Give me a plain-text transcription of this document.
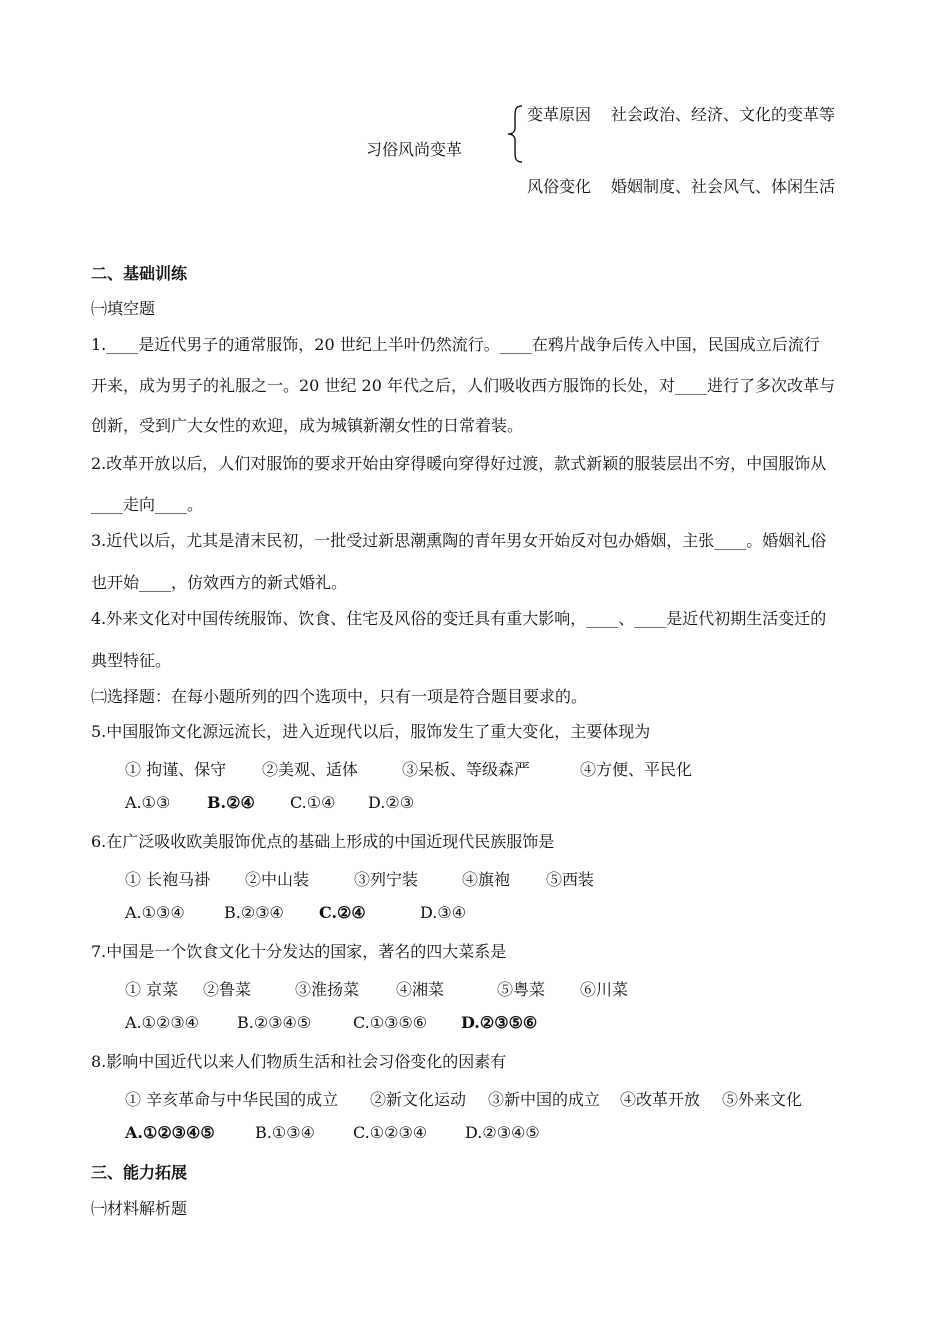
习俗风尚变革
变革原因 社会政治、经济、文化的变革等
风俗变化 婚姻制度、社会风气、体闲生活
二、基础训练
㈠填空题
1.____是近代男子的通常服饰，20 世纪上半叶仍然流行。____在鸦片战争后传入中国，民国成立后流行
开来，成为男子的礼服之一。20 世纪 20 年代之后，人们吸收西方服饰的长处，对____进行了多次改革与
创新，受到广大女性的欢迎，成为城镇新潮女性的日常着装。
2.改革开放以后，人们对服饰的要求开始由穿得暖向穿得好过渡，款式新颖的服装层出不穷，中国服饰从
____走向____。
3.近代以后，尤其是清末民初，一批受过新思潮熏陶的青年男女开始反对包办婚姻，主张____。婚姻礼俗
也开始____，仿效西方的新式婚礼。
4.外来文化对中国传统服饰、饮食、住宅及风俗的变迁具有重大影响，____、____是近代初期生活变迁的
典型特征。
㈡选择题：在每小题所列的四个选项中，只有一项是符合题目要求的。
5.中国服饰文化源远流长，进入近现代以后，服饰发生了重大变化，主要体现为
① 拘谨、保守 ②美观、适体	③呆板、等级森严	④方便、平民化
A.①③ B.②④ C.①④ D.②③
6.在广泛吸收欧美服饰优点的基础上形成的中国近现代民族服饰是
① 长袍马褂 ②中山装	③列宁装	④旗袍 ⑤西装
A.①③④ B.②③④ C.②④	D.③④
7.中国是一个饮食文化十分发达的国家，著名的四大菜系是
① 京菜 ②鲁菜	③淮扬菜 ④湘菜	⑤粤菜 ⑥川菜
A.①②③④ B.②③④⑤	C.①③⑤⑥ D.②③⑤⑥
8.影响中国近代以来人们物质生活和社会习俗变化的因素有
① 辛亥革命与中华民国的成立 ②新文化运动 ③新中国的成立 ④改革开放 ⑤外来文化
A.①②③④⑤	B.①③④ C.①②③④ D.②③④⑤
三、能力拓展
㈠材料解析题
